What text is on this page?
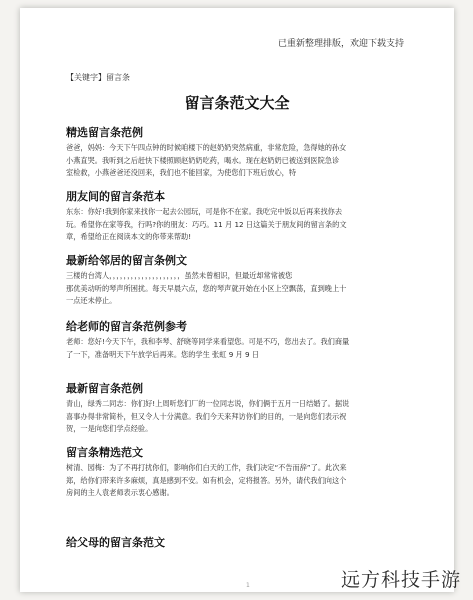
已重新整理排版，欢迎下载支持
【关键字】留言条
留言条范文大全
精选留言条范例

爸爸，妈妈：今天下午四点钟的时候咱楼下的赵奶奶突然病重，非常危险，急得她的孙女
小燕直哭。我听到之后赶快下楼照顾赵奶奶吃药，喝水。现在赵奶奶已被送到医院急诊
室检救，小燕爸爸还没回来，我们也不能回家，为使您们下班后放心，特

朋友间的留言条范本

东东：你好!我到你家来找你一起去公园玩，可是你不在家。我吃完中饭以后再来找你去
玩。希望你在家等我，行吗?你的朋友：巧巧。11 月 12 日这篇关于朋友间的留言条的文
章，希望给正在阅读本文的你带来帮助!

最新给邻居的留言条例文

三楼的台湾人，，，，，，，，，，，，，，，，，，，，虽然未曾相识，但最近却常常被您
那优美动听的琴声所困扰。每天早晨六点，您的琴声就开始在小区上空飘荡，直到晚上十
一点还未停止。

给老师的留言条范例参考

老师：您好!今天下午，我和李琴、舒晓等同学来看望您。可是不巧，您出去了。我们商量
了一下，准备明天下午放学后再来。您的学生 张虹 9 月 9 日

最新留言条范例

青山，绿秀二同志：你们好!上周听您们厂的一位同志说，你们俩于五月一日结婚了。据说
喜事办得非常简朴，但又令人十分满意。我们今天来拜访你们的目的，一是向您们表示祝
贺，一是向您们学点经验。

留言条精选范文

树清、园梅：为了不再打扰你们，影响你们白天的工作，我们决定“不告而辞”了。此次来
郑，给你们带来许多麻烦，真是感到不安。如有机会，定将报答。另外，请代我们向这个
房间的主人袁老师表示衷心感谢。

给父母的留言条范文
1	远方科技手游
